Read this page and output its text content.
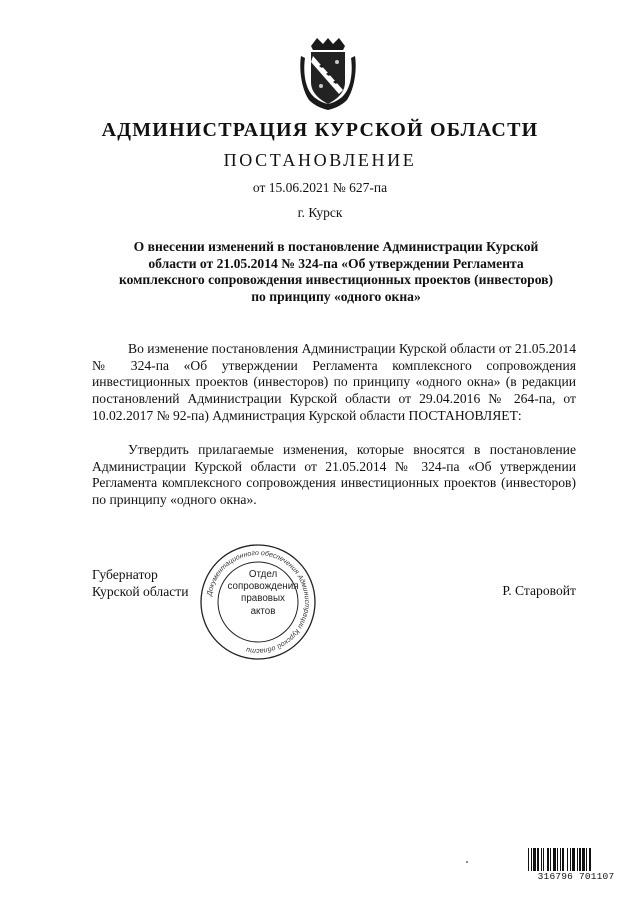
АДМИНИСТРАЦИЯ КУРСКОЙ ОБЛАСТИ
ПОСТАНОВЛЕНИЕ
от 15.06.2021 № 627-па
г. Курск
О внесении изменений в постановление Администрации Курской
области от 21.05.2014 № 324-па «Об утверждении Регламента
комплексного сопровождения инвестиционных проектов (инвесторов)
по принципу «одного окна»
Во изменение постановления Администрации Курской области от 21.05.2014 № 324-па «Об утверждении Регламента комплексного сопровождения инвестиционных проектов (инвесторов) по принципу «одного окна» (в редакции постановлений Администрации Курской области от 29.04.2016 № 264-па, от 10.02.2017 № 92-па) Администрация Курской области ПОСТАНОВЛЯЕТ:
Утвердить прилагаемые изменения, которые вносятся в постановление Администрации Курской области от 21.05.2014 № 324-па «Об утверждении Регламента комплексного сопровождения инвестиционных проектов (инвесторов) по принципу «одного окна».
Губернатор
Курской области	Р. Старовойт
Документационного обеспечения Администрации Курской области
Отдел
сопровождения
правовых
актов
316796 701107
